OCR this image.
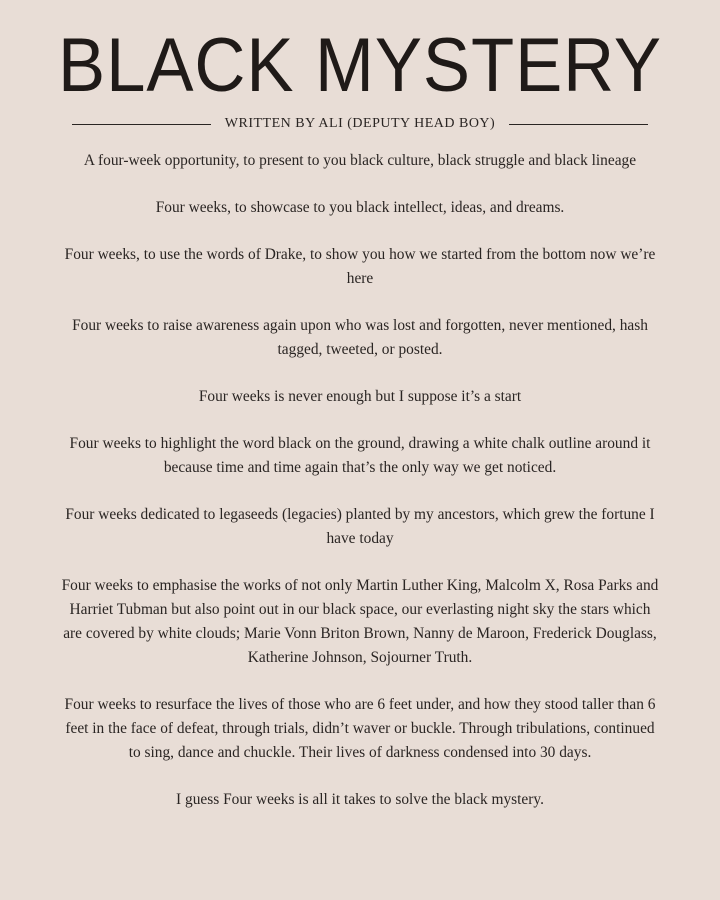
BLACK MYSTERY
WRITTEN BY ALI (DEPUTY HEAD BOY)

A four-week opportunity, to present to you black culture, black struggle and black lineage

Four weeks, to showcase to you black intellect, ideas, and dreams.

Four weeks, to use the words of Drake, to show you how we started from the bottom now we’re here

Four weeks to raise awareness again upon who was lost and forgotten, never mentioned, hash tagged, tweeted, or posted.

Four weeks is never enough but I suppose it’s a start

Four weeks to highlight the word black on the ground, drawing a white chalk outline around it because time and time again that’s the only way we get noticed.

Four weeks dedicated to legaseeds (legacies) planted by my ancestors, which grew the fortune I have today

Four weeks to emphasise the works of not only Martin Luther King, Malcolm X, Rosa Parks and Harriet Tubman but also point out in our black space, our everlasting night sky the stars which are covered by white clouds; Marie Vonn Briton Brown, Nanny de Maroon, Frederick Douglass, Katherine Johnson, Sojourner Truth.

Four weeks to resurface the lives of those who are 6 feet under, and how they stood taller than 6 feet in the face of defeat, through trials, didn’t waver or buckle. Through tribulations, continued to sing, dance and chuckle. Their lives of darkness condensed into 30 days.

I guess Four weeks is all it takes to solve the black mystery.
